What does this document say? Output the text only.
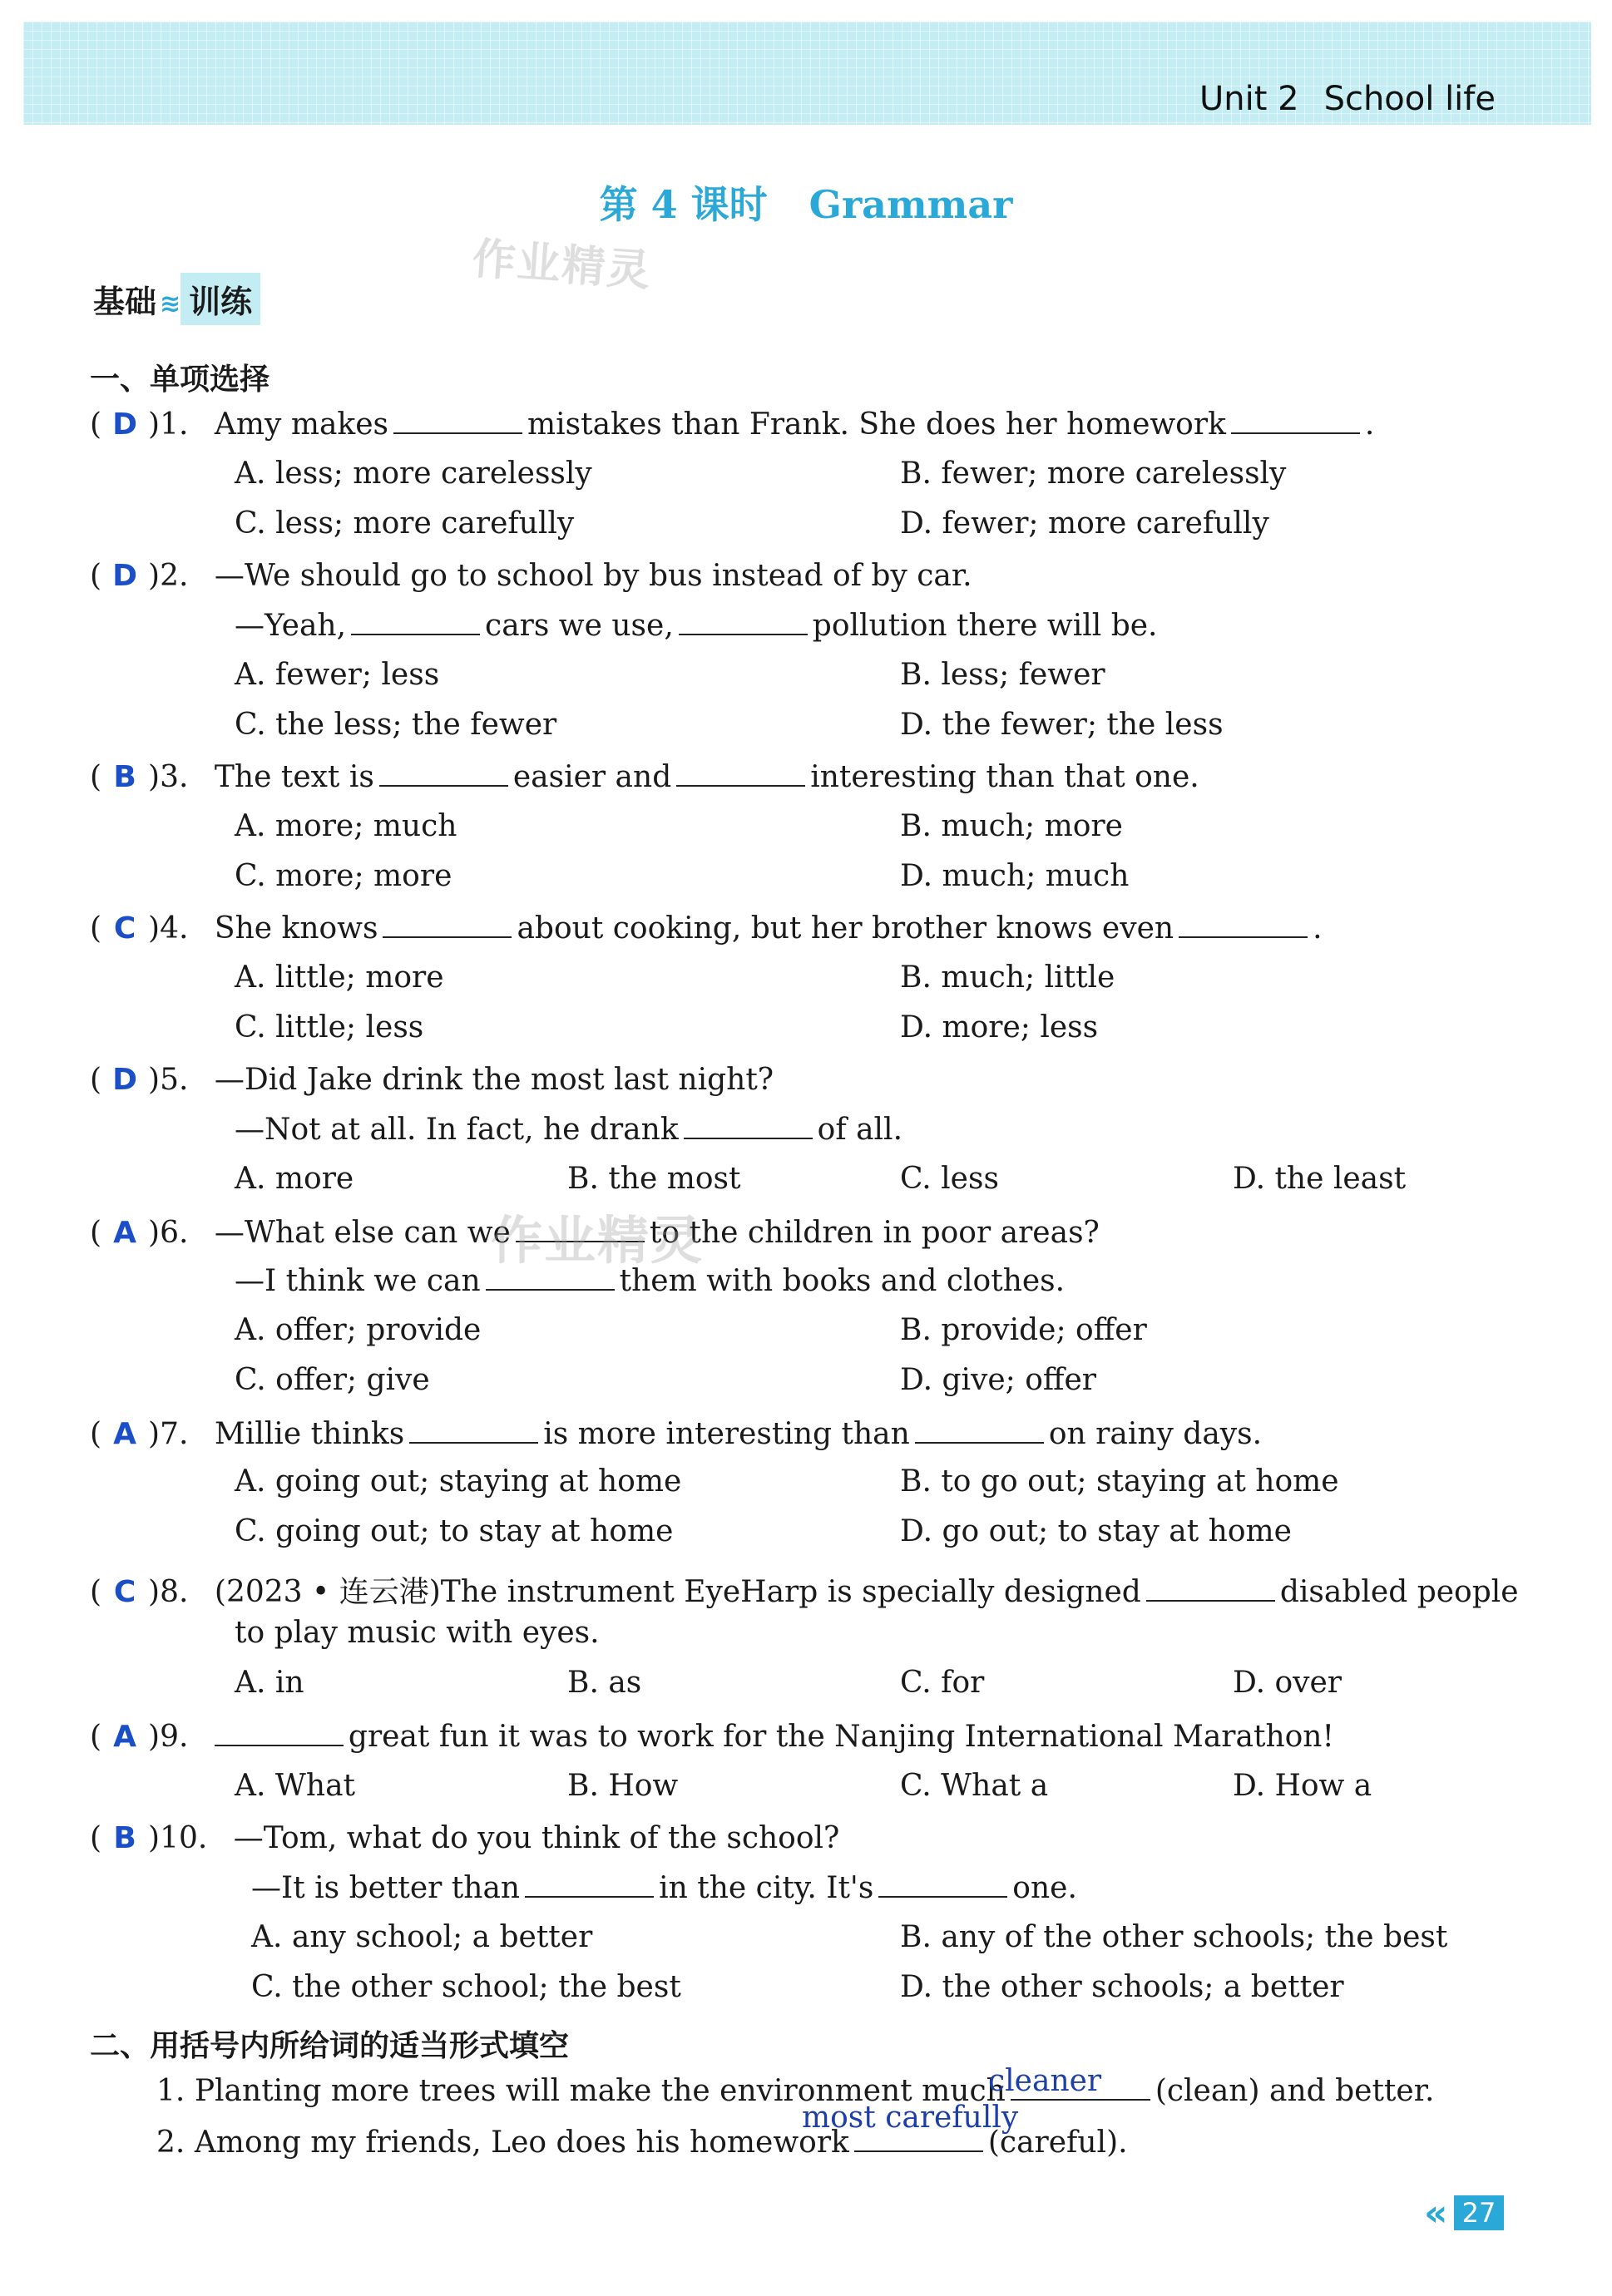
Unit 2 School life
第 4 课时 Grammar
作业精灵
基础 ≋ 训练
一、单项选择
( D )1. Amy makes	mistakes than Frank. She does her homework	.
A. less; more carelessly	B. fewer; more carelessly
C. less; more carefully	D. fewer; more carefully
( D )2. —We should go to school by bus instead of by car.
—Yeah,	cars we use,	pollution there will be.
A. fewer; less	B. less; fewer
C. the less; the fewer	D. the fewer; the less
( B )3. The text is	easier and	interesting than that one.
A. more; much	B. much; more
C. more; more	D. much; much
( C )4. She knows	about cooking, but her brother knows even	.
A. little; more	B. much; little
C. little; less	D. more; less
( D )5. —Did Jake drink the most last night?
—Not at all. In fact, he drank	of all.
A. more	B. the most	C. less	D. the least
( A )6. —What else can we	to the children in poor areas?
作业精灵
—I think we can	them with books and clothes.
A. offer; provide	B. provide; offer
C. offer; give	D. give; offer
( A )7. Millie thinks	is more interesting than	on rainy days.
A. going out; staying at home	B. to go out; staying at home
C. going out; to stay at home	D. go out; to stay at home
( C )8. (2023 • 连云港)The instrument EyeHarp is specially designed	disabled people
to play music with eyes.
A. in	B. as	C. for	D. over
( A )9.	great fun it was to work for the Nanjing International Marathon!
A. What	B. How	C. What a	D. How a
( B )10. —Tom, what do you think of the school?
—It is better than	in the city. It's	one.
A. any school; a better	B. any of the other schools; the best
C. the other school; the best	D. the other schools; a better
二、用括号内所给词的适当形式填空
1. Planting more trees will make the environment much	(clean) and better.
cleaner
2. Among my friends, Leo does his homework	(careful).
most carefully
« 27
